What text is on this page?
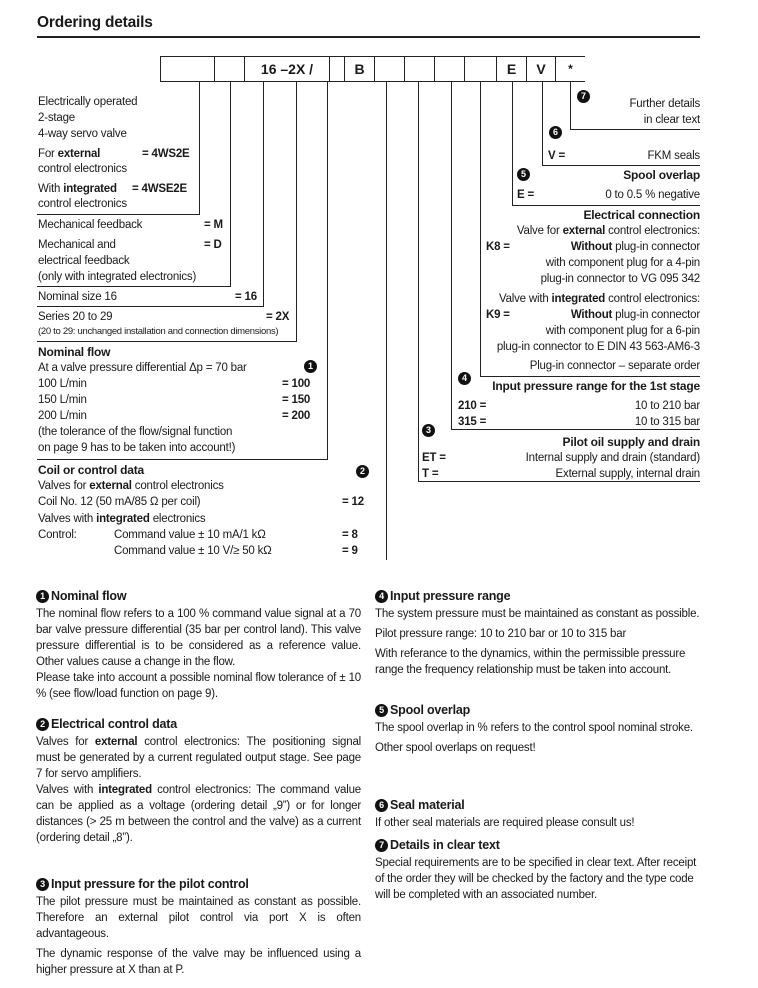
Ordering details
16 –2X /	B	E	V	*
Electrically operated
2-stage
4-way servo valve
For external	= 4WS2E
control electronics
With integrated = 4WSE2E
control electronics
Mechanical feedback	= M
Mechanical and	= D
electrical feedback
(only with integrated electronics)
Nominal size 16	= 16
Series 20 to 29	= 2X
(20 to 29: unchanged installation and connection dimensions)
Nominal flow
At a valve pressure differential Δp = 70 bar	1
100 L/min	= 100
150 L/min	= 150
200 L/min	= 200
(the tolerance of the flow/signal function
on page 9 has to be taken into account!)
Coil or control data	2
Valves for external control electronics
Coil No. 12 (50 mA/85 Ω per coil)	= 12
Valves with integrated electronics
Control:	Command value ± 10 mA/1 kΩ	= 8
Command value ± 10 V/≥ 50 kΩ	= 9
7
Further details
in clear text
6
V =	FKM seals
5	Spool overlap
E =	0 to 0.5 % negative
Electrical connection
Valve for external control electronics:
K8 =	Without plug-in connector
with component plug for a 4-pin
plug-in connector to VG 095 342
Valve with integrated control electronics:
K9 =	Without plug-in connector
with component plug for a 6-pin
plug-in connector to E DIN 43 563-AM6-3
Plug-in connector – separate order
4
Input pressure range for the 1st stage
210 =	10 to 210 bar
315 =	10 to 315 bar
3
Pilot oil supply and drain
ET =	Internal supply and drain (standard)
T =	External supply, internal drain
1 Nominal flow

The nominal flow refers to a 100 % command value signal at a 70 bar valve pressure differential (35 bar per control land). This valve pressure differential is to be considered as a reference value. Other values cause a change in the flow.

Please take into account a possible nominal flow tolerance of ± 10 % (see flow/load function on page 9).

2 Electrical control data

Valves for external control electronics: The positioning signal must be generated by a current regulated output stage. See page 7 for servo amplifiers.

Valves with integrated control electronics: The command value can be applied as a voltage (ordering detail „9”) or for longer distances (> 25 m between the control and the valve) as a current (ordering detail „8”).

3 Input pressure for the pilot control

The pilot pressure must be maintained as constant as possible. Therefore an external pilot control via port X is often advantageous.

The dynamic response of the valve may be influenced using a higher pressure at X than at P.

4 Input pressure range

The system pressure must be maintained as constant as possible.

Pilot pressure range: 10 to 210 bar or 10 to 315 bar

With referance to the dynamics, within the permissible pressure range the frequency relationship must be taken into account.

5 Spool overlap

The spool overlap in % refers to the control spool nominal stroke.

Other spool overlaps on request!

6 Seal material

If other seal materials are required please consult us!

7 Details in clear text

Special requirements are to be specified in clear text. After receipt of the order they will be checked by the factory and the type code will be completed with an associated number.
